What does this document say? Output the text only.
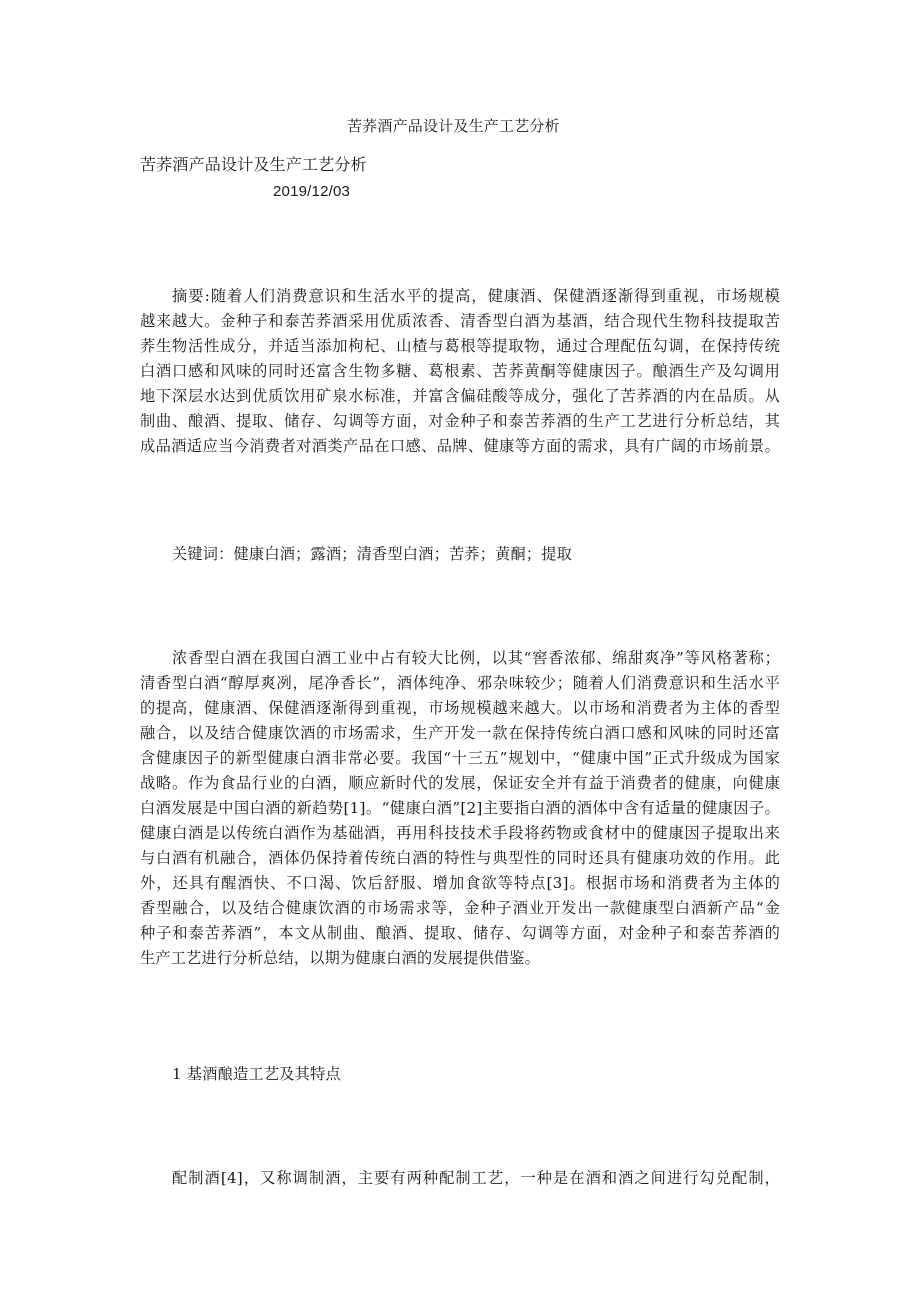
苦荞酒产品设计及生产工艺分析
苦荞酒产品设计及生产工艺分析
2019/12/03
摘要:随着人们消费意识和生活水平的提高，健康酒、保健酒逐渐得到重视，市场规模
越来越大。金种子和泰苦荞酒采用优质浓香、清香型白酒为基酒，结合现代生物科技提取苦
荞生物活性成分，并适当添加枸杞、山楂与葛根等提取物，通过合理配伍勾调，在保持传统
白酒口感和风味的同时还富含生物多糖、葛根素、苦荞黄酮等健康因子。酿酒生产及勾调用
地下深层水达到优质饮用矿泉水标准，并富含偏硅酸等成分，强化了苦荞酒的内在品质。从
制曲、酿酒、提取、储存、勾调等方面，对金种子和泰苦荞酒的生产工艺进行分析总结，其
成品酒适应当今消费者对酒类产品在口感、品牌、健康等方面的需求，具有广阔的市场前景。
关键词：健康白酒；露酒；清香型白酒；苦荞；黄酮；提取
浓香型白酒在我国白酒工业中占有较大比例，以其“窖香浓郁、绵甜爽净”等风格著称；
清香型白酒“醇厚爽冽，尾净香长”，酒体纯净、邪杂味较少；随着人们消费意识和生活水平
的提高，健康酒、保健酒逐渐得到重视，市场规模越来越大。以市场和消费者为主体的香型
融合，以及结合健康饮酒的市场需求，生产开发一款在保持传统白酒口感和风味的同时还富
含健康因子的新型健康白酒非常必要。我国“十三五”规划中，“健康中国”正式升级成为国家
战略。作为食品行业的白酒，顺应新时代的发展，保证安全并有益于消费者的健康，向健康
白酒发展是中国白酒的新趋势[1]。“健康白酒”[2]主要指白酒的酒体中含有适量的健康因子。
健康白酒是以传统白酒作为基础酒，再用科技技术手段将药物或食材中的健康因子提取出来
与白酒有机融合，酒体仍保持着传统白酒的特性与典型性的同时还具有健康功效的作用。此
外，还具有醒酒快、不口渴、饮后舒服、增加食欲等特点[3]。根据市场和消费者为主体的
香型融合，以及结合健康饮酒的市场需求等，金种子酒业开发出一款健康型白酒新产品“金
种子和泰苦荞酒”，本文从制曲、酿酒、提取、储存、勾调等方面，对金种子和泰苦荞酒的
生产工艺进行分析总结，以期为健康白酒的发展提供借鉴。
1 基酒酿造工艺及其特点
配制酒[4]，又称调制酒，主要有两种配制工艺，一种是在酒和酒之间进行勾兑配制，
